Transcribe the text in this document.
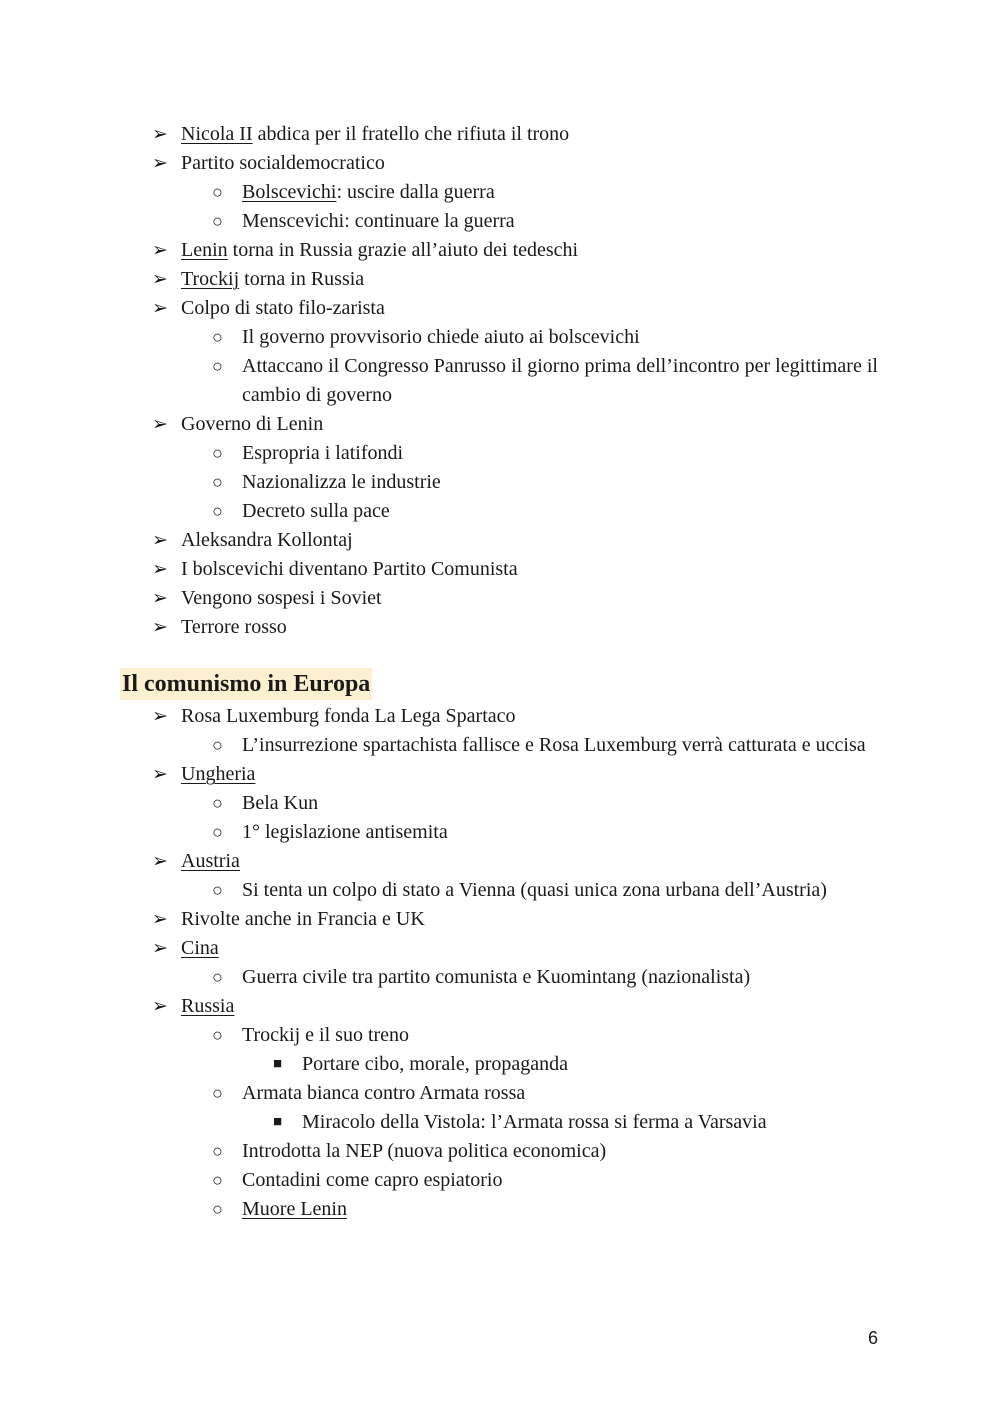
➢ Nicola II abdica per il fratello che rifiuta il trono
➢ Partito socialdemocratico
○ Bolscevichi: uscire dalla guerra
○ Menscevichi: continuare la guerra
➢ Lenin torna in Russia grazie all’aiuto dei tedeschi
➢ Trockij torna in Russia
➢ Colpo di stato filo-zarista
○ Il governo provvisorio chiede aiuto ai bolscevichi
○ Attaccano il Congresso Panrusso il giorno prima dell’incontro per legittimare il cambio di governo
➢ Governo di Lenin
○ Espropria i latifondi
○ Nazionalizza le industrie
○ Decreto sulla pace
➢ Aleksandra Kollontaj
➢ I bolscevichi diventano Partito Comunista
➢ Vengono sospesi i Soviet
➢ Terrore rosso
Il comunismo in Europa
➢ Rosa Luxemburg fonda La Lega Spartaco
○ L’insurrezione spartachista fallisce e Rosa Luxemburg verrà catturata e uccisa
➢ Ungheria
○ Bela Kun
○ 1° legislazione antisemita
➢ Austria
○ Si tenta un colpo di stato a Vienna (quasi unica zona urbana dell’Austria)
➢ Rivolte anche in Francia e UK
➢ Cina
○ Guerra civile tra partito comunista e Kuomintang (nazionalista)
➢ Russia
○ Trockij e il suo treno
■ Portare cibo, morale, propaganda
○ Armata bianca contro Armata rossa
■ Miracolo della Vistola: l’Armata rossa si ferma a Varsavia
○ Introdotta la NEP (nuova politica economica)
○ Contadini come capro espiatorio
○ Muore Lenin
6
